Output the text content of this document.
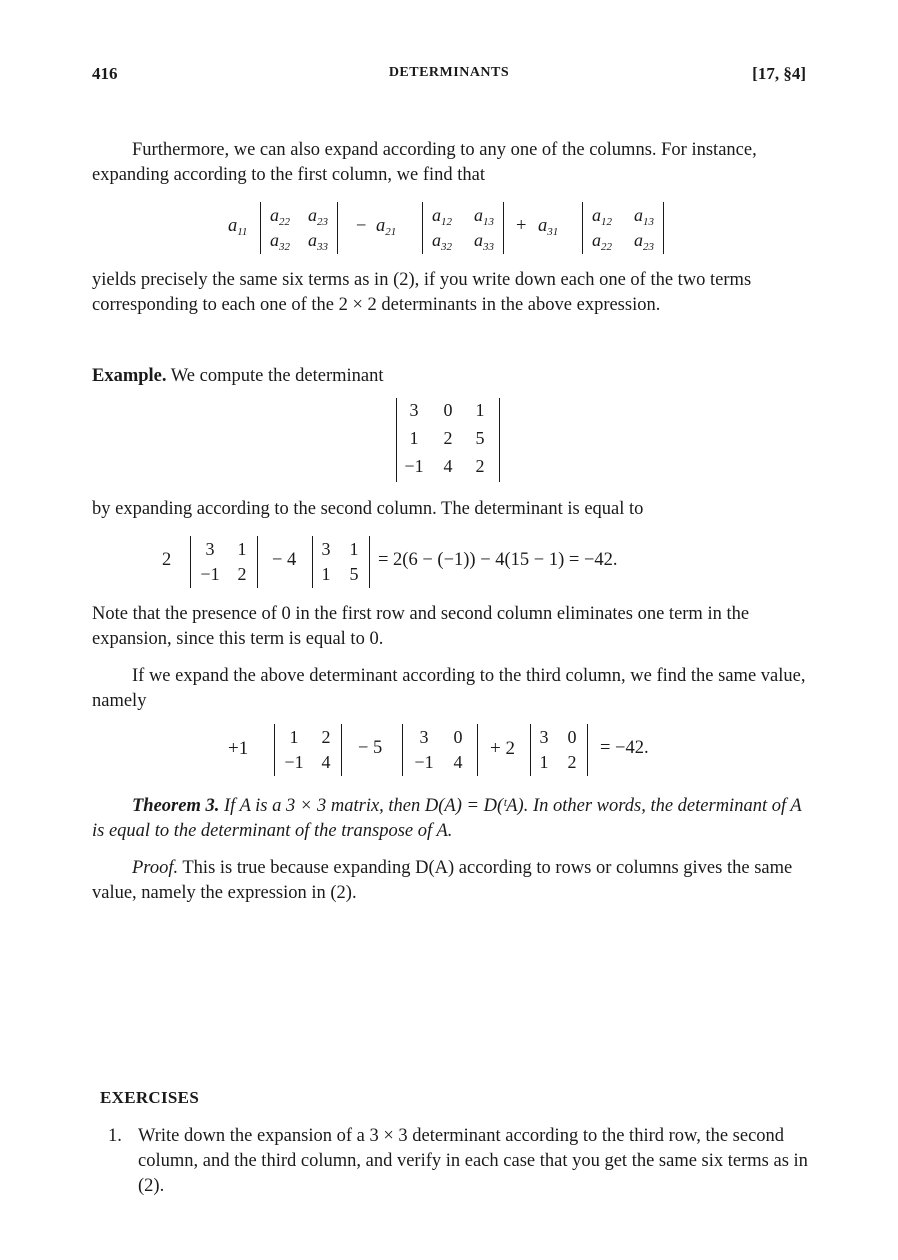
416	DETERMINANTS	[17, §4]

Furthermore, we can also expand according to any one of the columns. For instance, expanding according to the first column, we find that

$a_{11}$
$a_{22}$ $a_{23}$
$a_{32}$ $a_{33}$
− $a_{21}$
$a_{12}$ $a_{13}$
$a_{32}$ $a_{33}$
+ $a_{31}$
$a_{12}$ $a_{13}$
$a_{22}$ $a_{23}$

yields precisely the same six terms as in (2), if you write down each one of the two terms corresponding to each one of the 2 × 2 determinants in the above expression.

Example. We compute the determinant

3	0	1
1	2	5
−1	4	2

by expanding according to the second column. The determinant is equal to

2
3	1
−1 2
− 4
3	1
1	5
= 2(6 − (−1)) − 4(15 − 1) = −42.

Note that the presence of 0 in the first row and second column eliminates one term in the expansion, since this term is equal to 0.

If we expand the above determinant according to the third column, we find the same value, namely

+1
1	2
−1 4
− 5
3	0
−1	4
+ 2
3	0
1	2
= −42.

Theorem 3. If A is a 3 × 3 matrix, then D(A) = D(ᵗA). In other words, the determinant of A is equal to the determinant of the transpose of A.

Proof. This is true because expanding D(A) according to rows or columns gives the same value, namely the expression in (2).

EXERCISES
1. Write down the expansion of a 3 × 3 determinant according to the third row, the second column, and the third column, and verify in each case that you get the same six terms as in (2).
